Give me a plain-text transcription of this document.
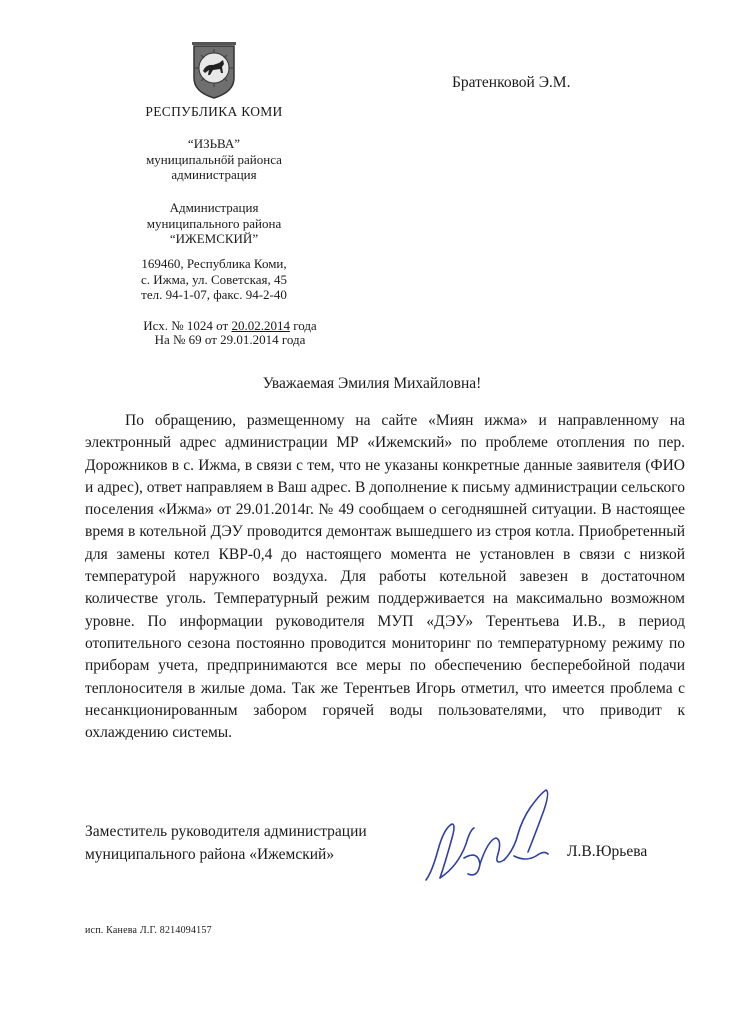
РЕСПУБЛИКА КОМИ
“ИЗЬВА”
муниципальнőй районса
администрация
Администрация
муниципального района
“ИЖЕМСКИЙ”
169460, Республика Коми,
с. Ижма, ул. Советская, 45
тел. 94-1-07, факс. 94-2-40
Исх. № 1024 от 20.02.2014 года
На № 69 от 29.01.2014 года
Братенковой Э.М.
Уважаемая Эмилия Михайловна!

По обращению, размещенному на сайте «Миян ижма» и направленному на электронный адрес администрации МР «Ижемский» по проблеме отопления по пер. Дорожников в с. Ижма, в связи с тем, что не указаны конкретные данные заявителя (ФИО и адрес), ответ направляем в Ваш адрес. В дополнение к письму администрации сельского поселения «Ижма» от 29.01.2014г. № 49 сообщаем о сегодняшней ситуации. В настоящее время в котельной ДЭУ проводится демонтаж вышедшего из строя котла. Приобретенный для замены котел КВР-0,4 до настоящего момента не установлен в связи с низкой температурой наружного воздуха. Для работы котельной завезен в достаточном количестве уголь. Температурный режим поддерживается на максимально возможном уровне. По информации руководителя МУП «ДЭУ» Терентьева И.В., в период отопительного сезона постоянно проводится мониторинг по температурному режиму по приборам учета, предпринимаются все меры по обеспечению бесперебойной подачи теплоносителя в жилые дома. Так же Терентьев Игорь отметил, что имеется проблема с несанкционированным забором горячей воды пользователями, что приводит к охлаждению системы.

Заместитель руководителя администрации
муниципального района «Ижемский»	Л.В.Юрьева
исп. Канева Л.Г. 8214094157
